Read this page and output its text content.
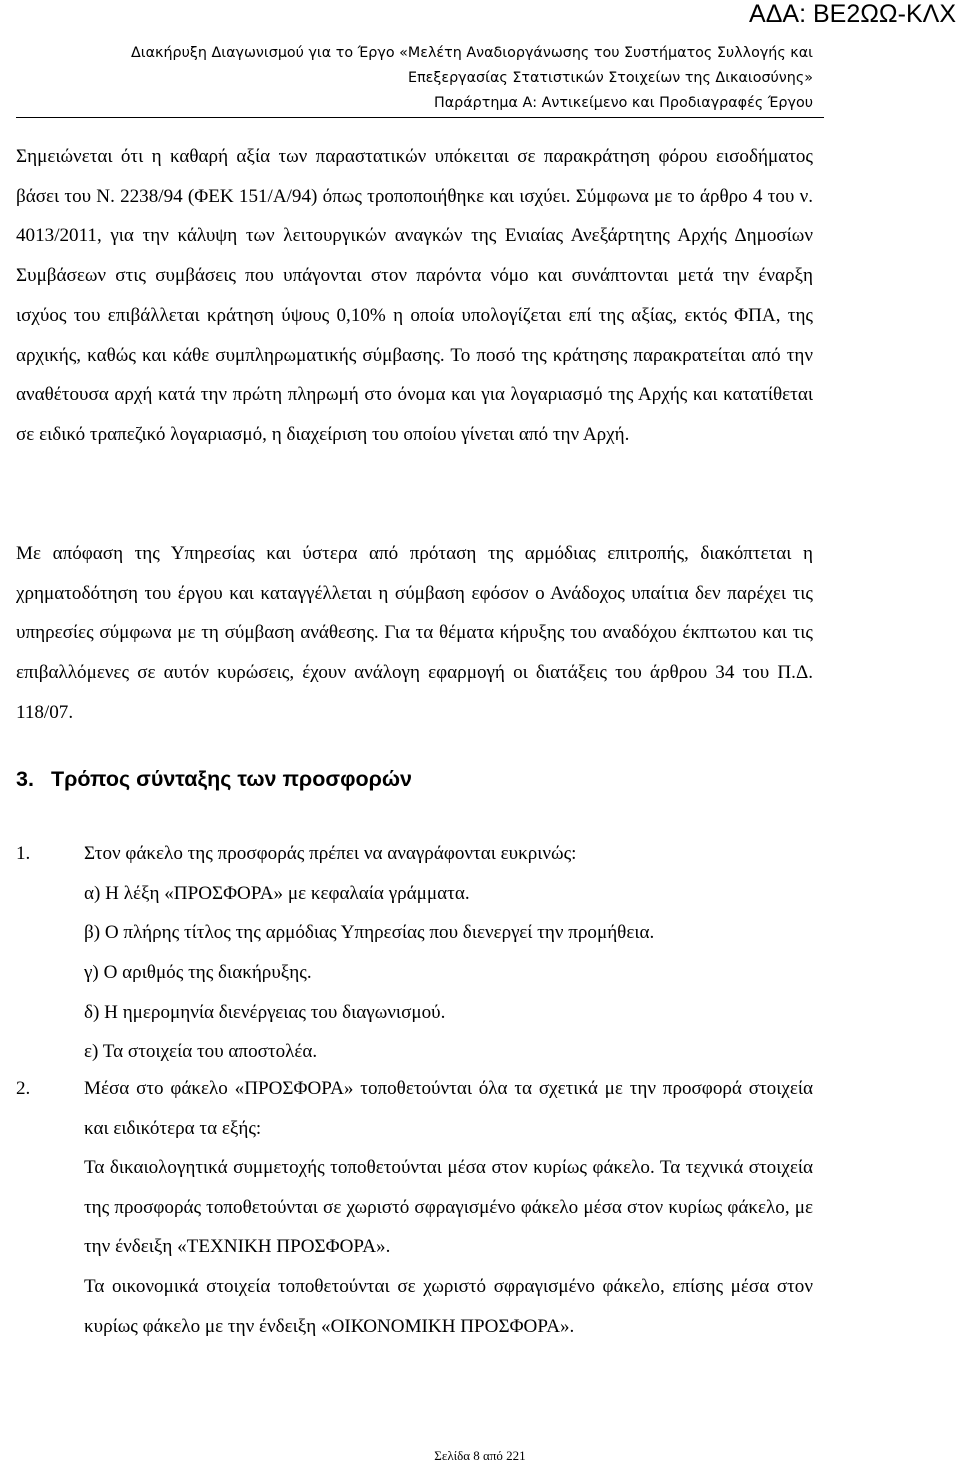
ΑΔΑ: ΒΕ2ΩΩ-ΚΛΧ

Διακήρυξη Διαγωνισμού για το Έργο «Μελέτη Αναδιοργάνωσης του Συστήματος Συλλογής και

Επεξεργασίας Στατιστικών Στοιχείων της Δικαιοσύνης»

Παράρτημα Α: Αντικείμενο και Προδιαγραφές Έργου

Σημειώνεται ότι η καθαρή αξία των παραστατικών υπόκειται σε παρακράτηση φόρου εισοδήματος βάσει του Ν. 2238/94 (ΦΕΚ 151/Α/94) όπως τροποποιήθηκε και ισχύει. Σύμφωνα με το άρθρο 4 του ν. 4013/2011, για την κάλυψη των λειτουργικών αναγκών της Ενιαίας Ανεξάρτητης Αρχής Δημοσίων Συμβάσεων στις συμβάσεις που υπάγονται στον παρόντα νόμο και συνάπτονται μετά την έναρξη ισχύος του επιβάλλεται κράτηση ύψους 0,10% η οποία υπολογίζεται επί της αξίας, εκτός ΦΠΑ, της αρχικής, καθώς και κάθε συμπληρωματικής σύμβασης. Το ποσό της κράτησης παρακρατείται από την αναθέτουσα αρχή κατά την πρώτη πληρωμή στο όνομα και για λογαριασμό της Αρχής και κατατίθεται σε ειδικό τραπεζικό λογαριασμό, η διαχείριση του οποίου γίνεται από την Αρχή.

Με απόφαση της Υπηρεσίας και ύστερα από πρόταση της αρμόδιας επιτροπής, διακόπτεται η χρηματοδότηση του έργου και καταγγέλλεται η σύμβαση εφόσον ο Ανάδοχος υπαίτια δεν παρέχει τις υπηρεσίες σύμφωνα με τη σύμβαση ανάθεσης. Για τα θέματα κήρυξης του αναδόχου έκπτωτου και τις επιβαλλόμενες σε αυτόν κυρώσεις, έχουν ανάλογη εφαρμογή οι διατάξεις του άρθρου 34 του Π.Δ. 118/07.

3. Τρόπος σύνταξης των προσφορών
1.	Στον φάκελο της προσφοράς πρέπει να αναγράφονται ευκρινώς:

α) Η λέξη «ΠΡΟΣΦΟΡΑ» με κεφαλαία γράμματα.

β) Ο πλήρης τίτλος της αρμόδιας Υπηρεσίας που διενεργεί την προμήθεια.

γ) Ο αριθμός της διακήρυξης.

δ) Η ημερομηνία διενέργειας του διαγωνισμού.

ε) Τα στοιχεία του αποστολέα.

2.	Μέσα στο φάκελο «ΠΡΟΣΦΟΡΑ» τοποθετούνται όλα τα σχετικά με την προσφορά στοιχεία και ειδικότερα τα εξής:

Τα δικαιολογητικά συμμετοχής τοποθετούνται μέσα στον κυρίως φάκελο. Τα τεχνικά στοιχεία της προσφοράς τοποθετούνται σε χωριστό σφραγισμένο φάκελο μέσα στον κυρίως φάκελο, με την ένδειξη «ΤΕΧΝΙΚΗ ΠΡΟΣΦΟΡΑ».

Τα οικονομικά στοιχεία τοποθετούνται σε χωριστό σφραγισμένο φάκελο, επίσης μέσα στον κυρίως φάκελο με την ένδειξη «ΟΙΚΟΝΟΜΙΚΗ ΠΡΟΣΦΟΡΑ».

Σελίδα 8 από 221
